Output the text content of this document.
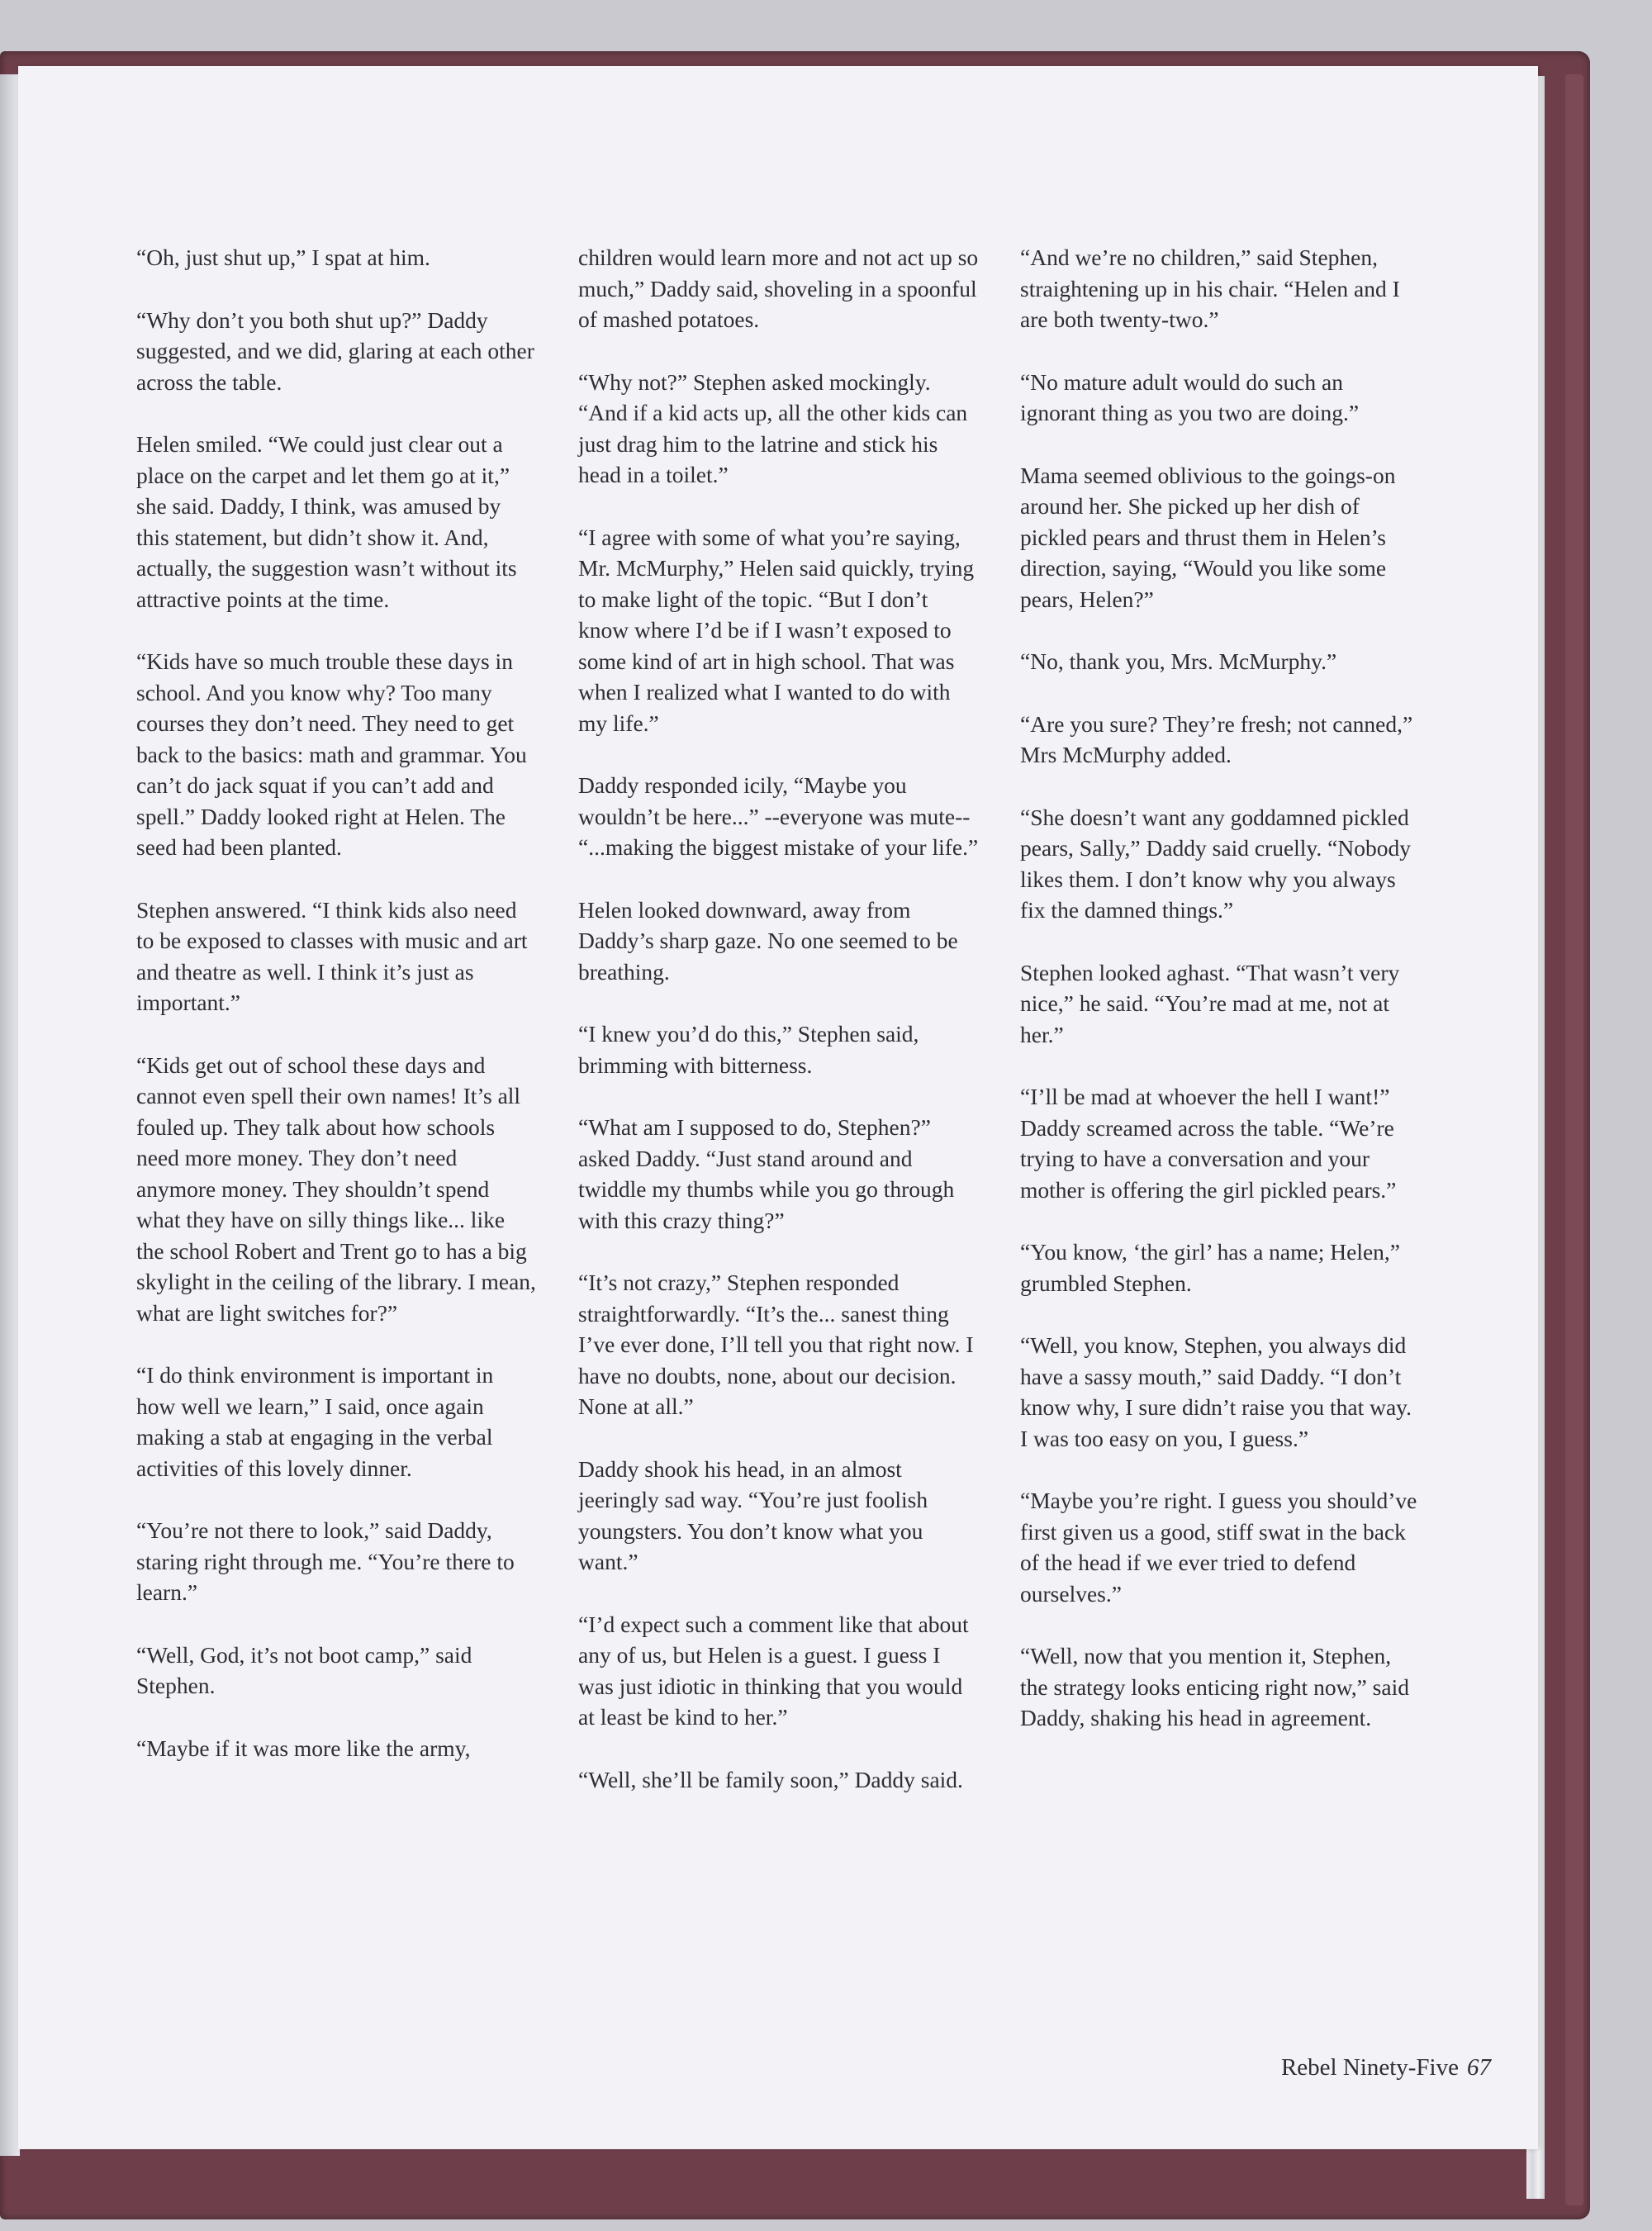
“Oh, just shut up,” I spat at him.

“Why don’t you both shut up?” Daddy suggested, and we did, glaring at each other across the table.

Helen smiled. “We could just clear out a place on the carpet and let them go at it,” she said. Daddy, I think, was amused by this statement, but didn’t show it. And, actually, the suggestion wasn’t without its attractive points at the time.

“Kids have so much trouble these days in school. And you know why? Too many courses they don’t need. They need to get back to the basics: math and grammar. You can’t do jack squat if you can’t add and spell.” Daddy looked right at Helen. The seed had been planted.

Stephen answered. “I think kids also need to be exposed to classes with music and art and theatre as well. I think it’s just as important.”

“Kids get out of school these days and cannot even spell their own names! It’s all fouled up. They talk about how schools need more money. They don’t need anymore money. They shouldn’t spend what they have on silly things like... like the school Robert and Trent go to has a big skylight in the ceiling of the library. I mean, what are light switches for?”

“I do think environment is important in how well we learn,” I said, once again making a stab at engaging in the verbal activities of this lovely dinner.

“You’re not there to look,” said Daddy, staring right through me. “You’re there to learn.”

“Well, God, it’s not boot camp,” said Stephen.

“Maybe if it was more like the army,

children would learn more and not act up so much,” Daddy said, shoveling in a spoonful of mashed potatoes.

“Why not?” Stephen asked mockingly. “And if a kid acts up, all the other kids can just drag him to the latrine and stick his head in a toilet.”

“I agree with some of what you’re saying, Mr. McMurphy,” Helen said quickly, trying to make light of the topic. “But I don’t know where I’d be if I wasn’t exposed to some kind of art in high school. That was when I realized what I wanted to do with my life.”

Daddy responded icily, “Maybe you wouldn’t be here...” --everyone was mute-- “...making the biggest mistake of your life.”

Helen looked downward, away from Daddy’s sharp gaze. No one seemed to be breathing.

“I knew you’d do this,” Stephen said, brimming with bitterness.

“What am I supposed to do, Stephen?” asked Daddy. “Just stand around and twiddle my thumbs while you go through with this crazy thing?”

“It’s not crazy,” Stephen responded straightforwardly. “It’s the... sanest thing I’ve ever done, I’ll tell you that right now. I have no doubts, none, about our decision. None at all.”

Daddy shook his head, in an almost jeeringly sad way. “You’re just foolish youngsters. You don’t know what you want.”

“I’d expect such a comment like that about any of us, but Helen is a guest. I guess I was just idiotic in thinking that you would at least be kind to her.”

“Well, she’ll be family soon,” Daddy said.

“And we’re no children,” said Stephen, straightening up in his chair. “Helen and I are both twenty-two.”

“No mature adult would do such an ignorant thing as you two are doing.”

Mama seemed oblivious to the goings-on around her. She picked up her dish of pickled pears and thrust them in Helen’s direction, saying, “Would you like some pears, Helen?”

“No, thank you, Mrs. McMurphy.”

“Are you sure? They’re fresh; not canned,” Mrs McMurphy added.

“She doesn’t want any goddamned pickled pears, Sally,” Daddy said cruelly. “Nobody likes them. I don’t know why you always fix the damned things.”

Stephen looked aghast. “That wasn’t very nice,” he said. “You’re mad at me, not at her.”

“I’ll be mad at whoever the hell I want!” Daddy screamed across the table. “We’re trying to have a conversation and your mother is offering the girl pickled pears.”

“You know, ‘the girl’ has a name; Helen,” grumbled Stephen.

“Well, you know, Stephen, you always did have a sassy mouth,” said Daddy. “I don’t know why, I sure didn’t raise you that way. I was too easy on you, I guess.”

“Maybe you’re right. I guess you should’ve first given us a good, stiff swat in the back of the head if we ever tried to defend ourselves.”

“Well, now that you mention it, Stephen, the strategy looks enticing right now,” said Daddy, shaking his head in agreement.

Rebel Ninety-Five 67
